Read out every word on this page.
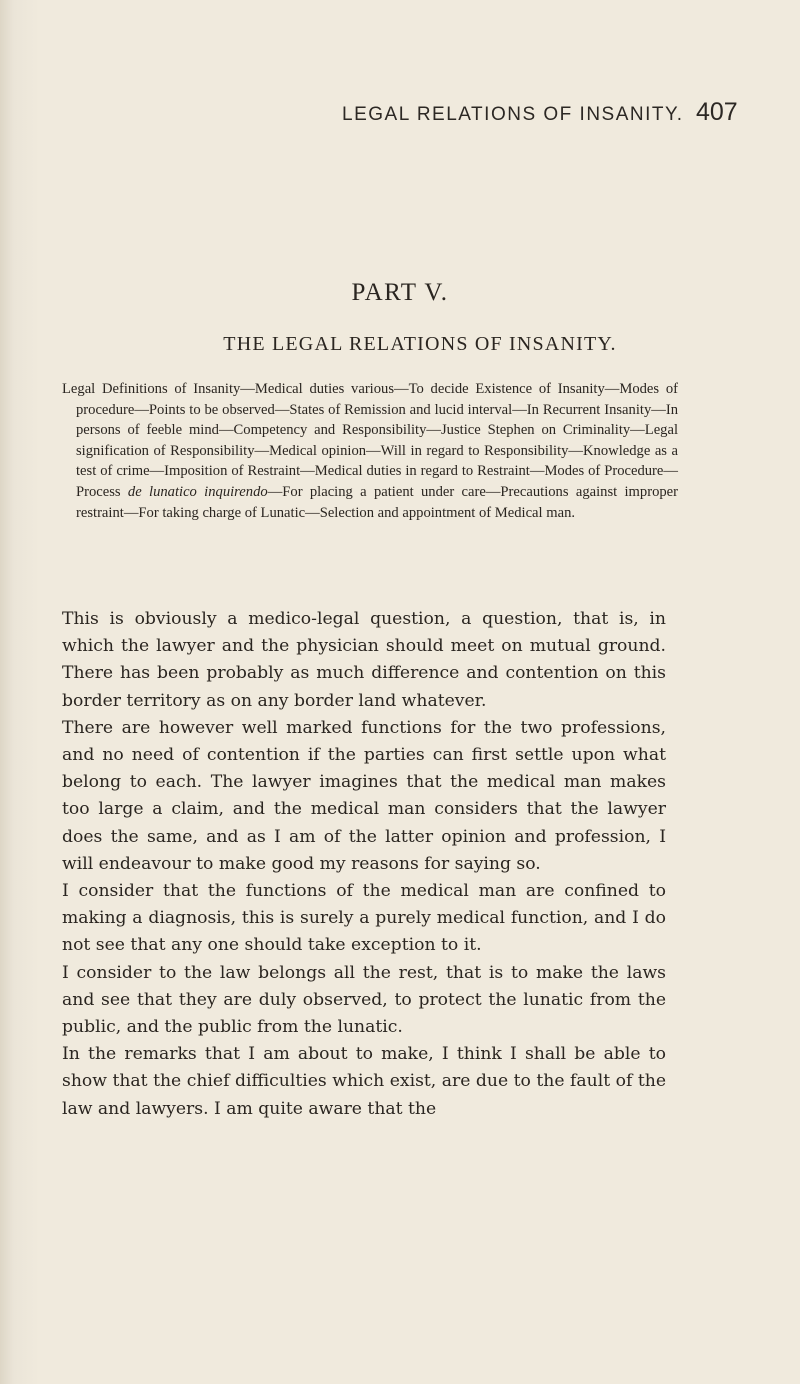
LEGAL RELATIONS OF INSANITY. 407
PART V.
THE LEGAL RELATIONS OF INSANITY.
Legal Definitions of Insanity—Medical duties various—To decide Existence of Insanity—Modes of procedure—Points to be observed—States of Remission and lucid interval—In Recurrent Insanity—In persons of feeble mind—Competency and Responsibility—Justice Stephen on Criminality—Legal signification of Responsibility—Medical opinion—Will in regard to Responsibility—Knowledge as a test of crime—Imposition of Restraint—Medical duties in regard to Restraint—Modes of Procedure—Process de lunatico inquirendo—For placing a patient under care—Precautions against improper restraint—For taking charge of Lunatic—Selection and appointment of Medical man.

This is obviously a medico-legal question, a question, that is, in which the lawyer and the physician should meet on mutual ground. There has been probably as much difference and contention on this border territory as on any border land whatever.

There are however well marked functions for the two professions, and no need of contention if the parties can first settle upon what belong to each. The lawyer imagines that the medical man makes too large a claim, and the medical man considers that the lawyer does the same, and as I am of the latter opinion and profession, I will endeavour to make good my reasons for saying so.

I consider that the functions of the medical man are confined to making a diagnosis, this is surely a purely medical function, and I do not see that any one should take exception to it.

I consider to the law belongs all the rest, that is to make the laws and see that they are duly observed, to protect the lunatic from the public, and the public from the lunatic.

In the remarks that I am about to make, I think I shall be able to show that the chief difficulties which exist, are due to the fault of the law and lawyers. I am quite aware that the
